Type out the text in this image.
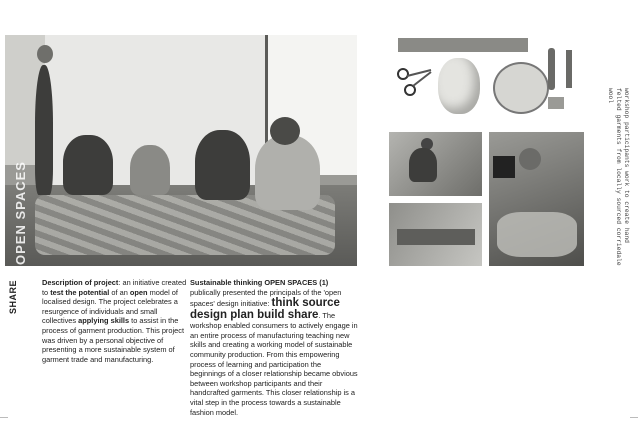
OPEN SPACES
SHARE	Description of project: an initiative created to test the potential of an open model of localised design. The project celebrates a resurgence of individuals and small collectives applying skills to assist in the process of garment production. This project was driven by a personal objective of presenting a more sustainable system of garment trade and manufacturing.
Sustainable thinking OPEN SPACES (1) publically presented the principals of the 'open spaces' design initiative: think source design plan build share. The workshop enabled consumers to actively engage in an entire process of manufacturing teaching new skills and creating a working model of sustainable community production. From this empowering process of learning and participation the beginnings of a closer relationship became obvious between workshop participants and their handcrafted garments. This closer relationship is a vital step in the process towards a sustainable fashion model.
workshop participants work to create hand felted garments from locally sourced corriedale wool
